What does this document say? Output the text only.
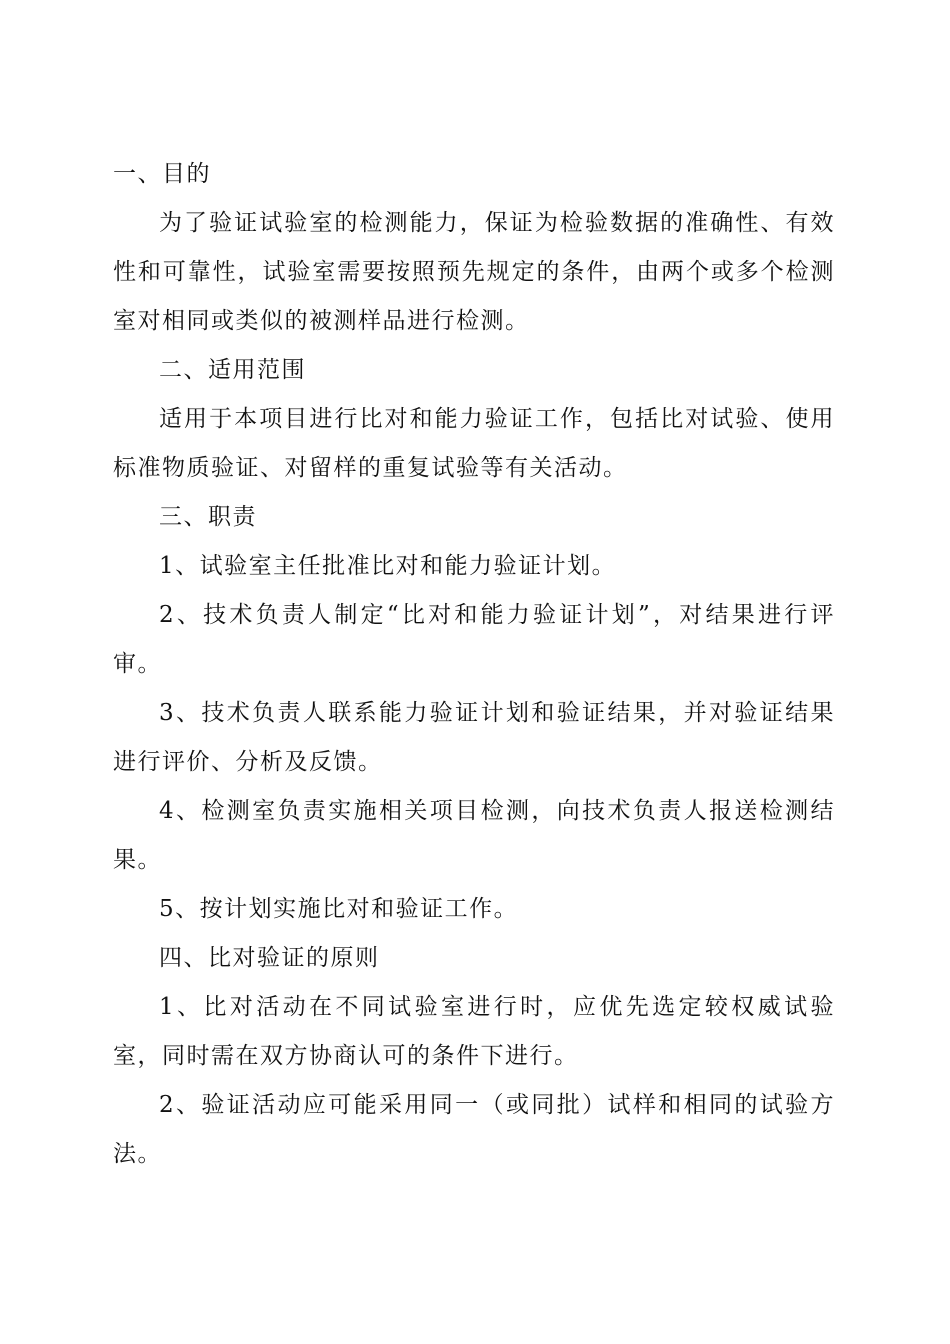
一、目的

为了验证试验室的检测能力，保证为检验数据的准确性、有效性和可靠性，试验室需要按照预先规定的条件，由两个或多个检测室对相同或类似的被测样品进行检测。

二、适用范围

适用于本项目进行比对和能力验证工作，包括比对试验、使用标准物质验证、对留样的重复试验等有关活动。

三、职责

1、试验室主任批准比对和能力验证计划。

2、技术负责人制定“比对和能力验证计划”，对结果进行评审。

3、技术负责人联系能力验证计划和验证结果，并对验证结果进行评价、分析及反馈。

4、检测室负责实施相关项目检测，向技术负责人报送检测结果。

5、按计划实施比对和验证工作。

四、比对验证的原则

1、比对活动在不同试验室进行时，应优先选定较权威试验室，同时需在双方协商认可的条件下进行。

2、验证活动应可能采用同一（或同批）试样和相同的试验方法。
